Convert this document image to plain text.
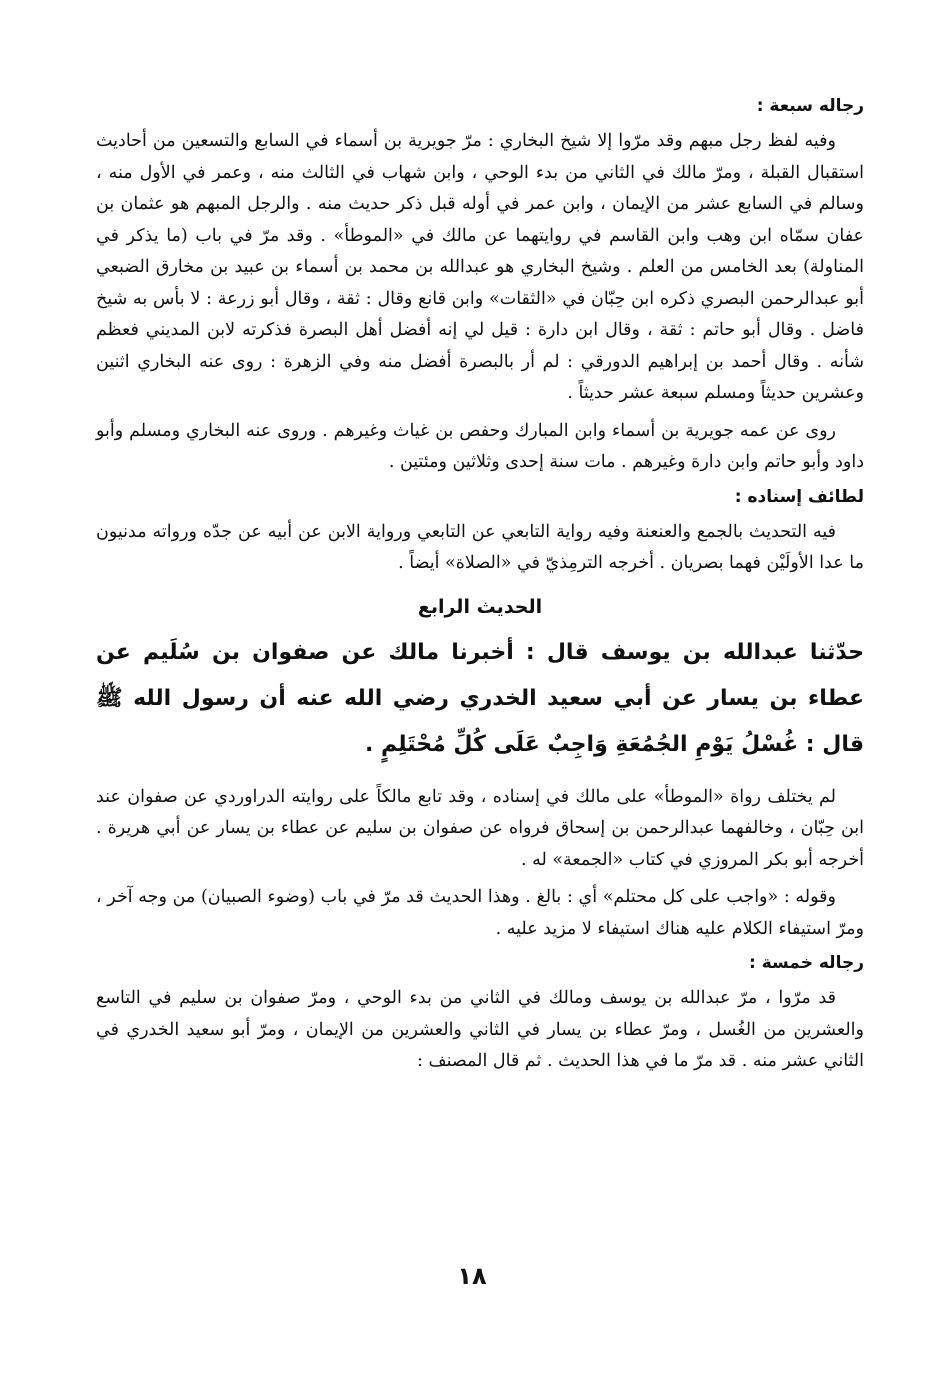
رجاله سبعة :

وفيه لفظ رجل مبهم وقد مرّوا إلا شيخ البخاري : مرّ جويرية بن أسماء في السابع والتسعين من أحاديث استقبال القبلة ، ومرّ مالك في الثاني من بدء الوحي ، وابن شهاب في الثالث منه ، وعمر في الأول منه ، وسالم في السابع عشر من الإيمان ، وابن عمر في أوله قبل ذكر حديث منه . والرجل المبهم هو عثمان بن عفان سمّاه ابن وهب وابن القاسم في روايتهما عن مالك في «الموطأ» . وقد مرّ في باب (ما يذكر في المناولة) بعد الخامس من العلم . وشيخ البخاري هو عبدالله بن محمد بن أسماء بن عبيد بن مخارق الضبعي أبو عبدالرحمن البصري ذكره ابن حِبّان في «الثقات» وابن قانع وقال : ثقة ، وقال أبو زرعة : لا بأس به شيخ فاضل . وقال أبو حاتم : ثقة ، وقال ابن دارة : قيل لي إنه أفضل أهل البصرة فذكرته لابن المديني فعظم شأنه . وقال أحمد بن إبراهيم الدورقي : لم أر بالبصرة أفضل منه وفي الزهرة : روى عنه البخاري اثنين وعشرين حديثاً ومسلم سبعة عشر حديثاً .

روى عن عمه جويرية بن أسماء وابن المبارك وحفص بن غياث وغيرهم . وروى عنه البخاري ومسلم وأبو داود وأبو حاتم وابن دارة وغيرهم . مات سنة إحدى وثلاثين ومئتين .

لطائف إسناده :

فيه التحديث بالجمع والعنعنة وفيه رواية التابعي عن التابعي ورواية الابن عن أبيه عن جدّه ورواته مدنيون ما عدا الأولَيْن فهما بصريان . أخرجه الترمِذيّ في «الصلاة» أيضاً .

الحديث الرابع

حدّثنا عبدالله بن يوسف قال : أخبرنا مالك عن صفوان بن سُلَيم عن عطاء بن يسار عن أبي سعيد الخدري رضي الله عنه أن رسول الله ﷺ قال : غُسْلُ يَوْمِ الجُمُعَةِ وَاجِبٌ عَلَى كُلِّ مُحْتَلِمٍ .

لم يختلف رواة «الموطأ» على مالك في إسناده ، وقد تابع مالكاً على روايته الدراوردي عن صفوان عند ابن حِبّان ، وخالفهما عبدالرحمن بن إسحاق فرواه عن صفوان بن سليم عن عطاء بن يسار عن أبي هريرة . أخرجه أبو بكر المروزي في كتاب «الجمعة» له .

وقوله : «واجب على كل محتلم» أي : بالغ . وهذا الحديث قد مرّ في باب (وضوء الصبيان) من وجه آخر ، ومرّ استيفاء الكلام عليه هناك استيفاء لا مزيد عليه .

رجاله خمسة :

قد مرّوا ، مرّ عبدالله بن يوسف ومالك في الثاني من بدء الوحي ، ومرّ صفوان بن سليم في التاسع والعشرين من الغُسل ، ومرّ عطاء بن يسار في الثاني والعشرين من الإيمان ، ومرّ أبو سعيد الخدري في الثاني عشر منه . قد مرّ ما في هذا الحديث . ثم قال المصنف :

١٨
